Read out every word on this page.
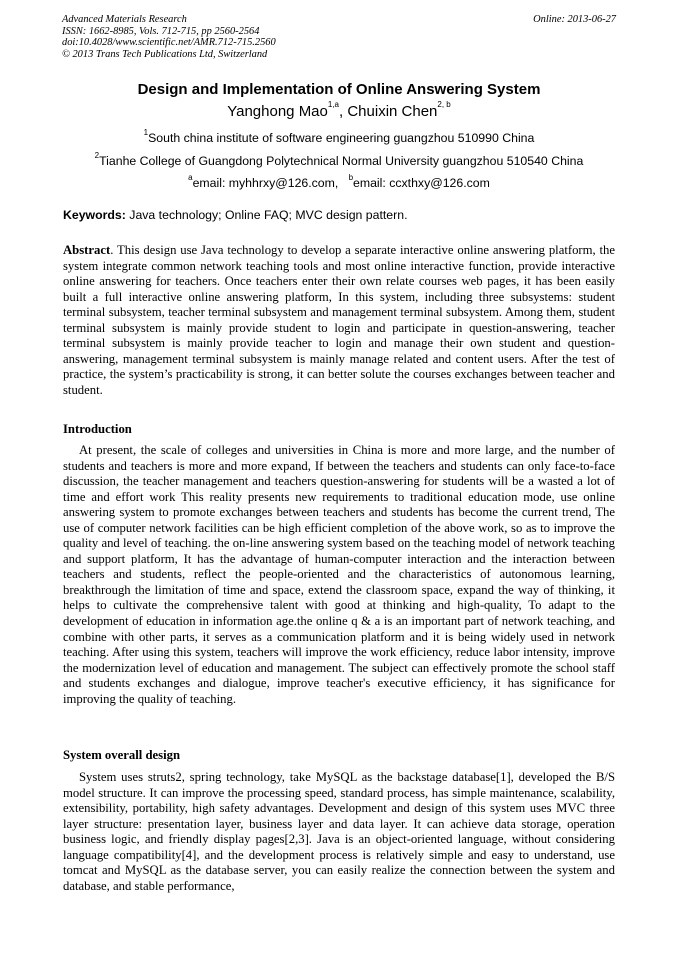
Advanced Materials Research
ISSN: 1662-8985, Vols. 712-715, pp 2560-2564
doi:10.4028/www.scientific.net/AMR.712-715.2560
© 2013 Trans Tech Publications Ltd, Switzerland
Online: 2013-06-27
Design and Implementation of Online Answering System
Yanghong Mao$^{1,a}$, Chuixin Chen$^{2, b}$
$^1$South china institute of software engineering guangzhou 510990 China
$^2$Tianhe College of Guangdong Polytechnical Normal University guangzhou 510540 China
$^a$email: myhhrxy@126.com, $^b$email: ccxthxy@126.com
Keywords: Java technology; Online FAQ; MVC design pattern.
Abstract. This design use Java technology to develop a separate interactive online answering platform, the system integrate common network teaching tools and most online interactive function, provide interactive online answering for teachers. Once teachers enter their own relate courses web pages, it has been easily built a full interactive online answering platform, In this system, including three subsystems: student terminal subsystem, teacher terminal subsystem and management terminal subsystem. Among them, student terminal subsystem is mainly provide student to login and participate in question-answering, teacher terminal subsystem is mainly provide teacher to login and manage their own student and question-answering, management terminal subsystem is mainly manage related and content users. After the test of practice, the system’s practicability is strong, it can better solute the courses exchanges between teacher and student.
Introduction
At present, the scale of colleges and universities in China is more and more large, and the number of students and teachers is more and more expand, If between the teachers and students can only face-to-face discussion, the teacher management and teachers question-answering for students will be a wasted a lot of time and effort work This reality presents new requirements to traditional education mode, use online answering system to promote exchanges between teachers and students has become the current trend, The use of computer network facilities can be high efficient completion of the above work, so as to improve the quality and level of teaching. the on-line answering system based on the teaching model of network teaching and support platform, It has the advantage of human-computer interaction and the interaction between teachers and students, reflect the people-oriented and the characteristics of autonomous learning, breakthrough the limitation of time and space, extend the classroom space, expand the way of thinking, it helps to cultivate the comprehensive talent with good at thinking and high-quality, To adapt to the development of education in information age.the online q & a is an important part of network teaching, and combine with other parts, it serves as a communication platform and it is being widely used in network teaching. After using this system, teachers will improve the work efficiency, reduce labor intensity, improve the modernization level of education and management. The subject can effectively promote the school staff and students exchanges and dialogue, improve teacher's executive efficiency, it has significance for improving the quality of teaching.
System overall design
System uses struts2, spring technology, take MySQL as the backstage database[1], developed the B/S model structure. It can improve the processing speed, standard process, has simple maintenance, scalability, extensibility, portability, high safety advantages. Development and design of this system uses MVC three layer structure: presentation layer, business layer and data layer. It can achieve data storage, operation business logic, and friendly display pages[2,3]. Java is an object-oriented language, without considering language compatibility[4], and the development process is relatively simple and easy to understand, use tomcat and MySQL as the database server, you can easily realize the connection between the system and database, and stable performance,
